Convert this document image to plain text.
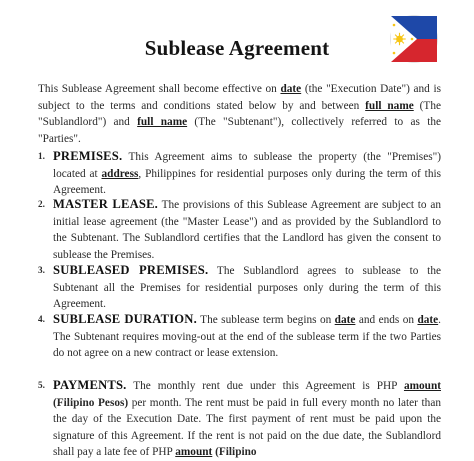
Sublease Agreement

This Sublease Agreement shall become effective on date (the "Execution Date") and is subject to the terms and conditions stated below by and between full name (The "Sublandlord") and full name (The "Subtenant"), collectively referred to as the "Parties".

1. PREMISES. This Agreement aims to sublease the property (the "Premises") located at address, Philippines for residential purposes only during the term of this Agreement.

2. MASTER LEASE. The provisions of this Sublease Agreement are subject to an initial lease agreement (the "Master Lease") and as provided by the Sublandlord to the Subtenant. The Sublandlord certifies that the Landlord has given the consent to sublease the Premises.

3. SUBLEASED PREMISES. The Sublandlord agrees to sublease to the Subtenant all the Premises for residential purposes only during the term of this Agreement.

4. SUBLEASE DURATION. The sublease term begins on date and ends on date. The Subtenant requires moving-out at the end of the sublease term if the two Parties do not agree on a new contract or lease extension.

5. PAYMENTS. The monthly rent due under this Agreement is PHP amount (Filipino Pesos) per month. The rent must be paid in full every month no later than the day of the Execution Date. The first payment of rent must be paid upon the signature of this Agreement. If the rent is not paid on the due date, the Sublandlord shall pay a late fee of PHP amount (Filipino
